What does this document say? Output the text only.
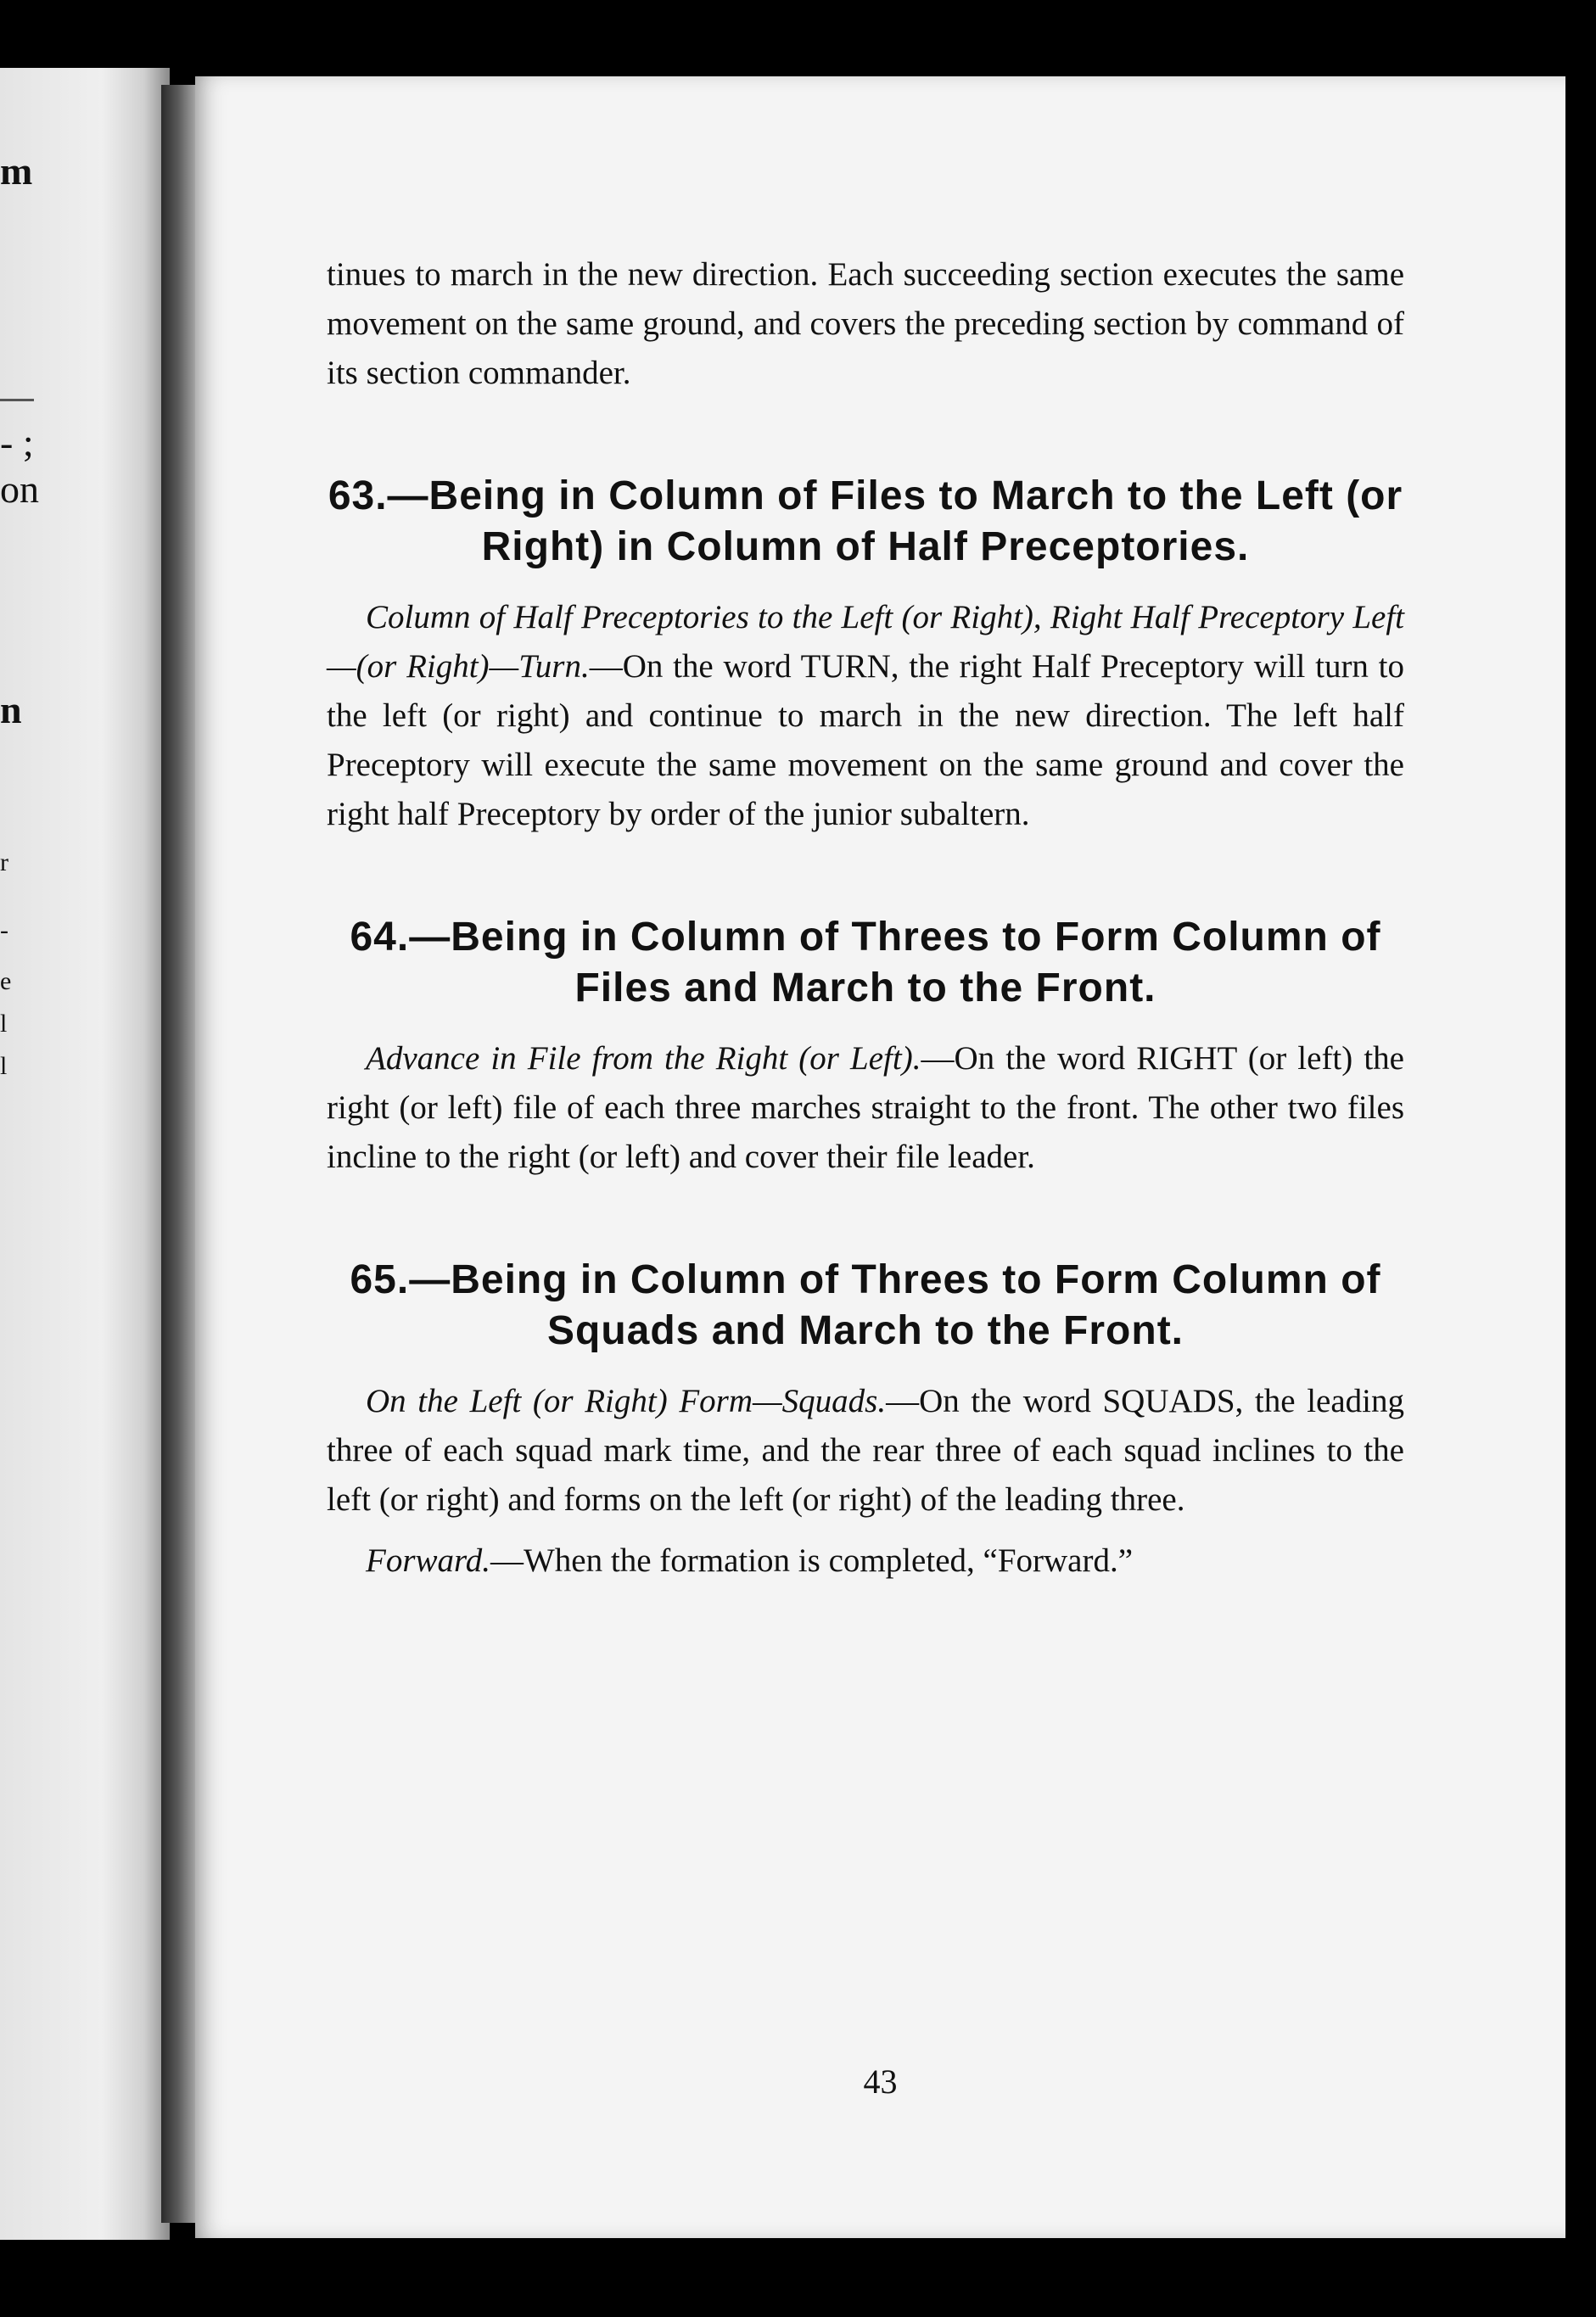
m
- ;
on
n
r
-
e
l
l

tinues to march in the new direction. Each succeeding section executes the same movement on the same ground, and covers the preceding section by command of its section commander.

63.—Being in Column of Files to March to the Left (or Right) in Column of Half Preceptories.

Column of Half Preceptories to the Left (or Right), Right Half Preceptory Left—(or Right)—Turn.—On the word TURN, the right Half Preceptory will turn to the left (or right) and continue to march in the new direction. The left half Preceptory will execute the same movement on the same ground and cover the right half Preceptory by order of the junior subaltern.

64.—Being in Column of Threes to Form Column of Files and March to the Front.

Advance in File from the Right (or Left).—On the word RIGHT (or left) the right (or left) file of each three marches straight to the front. The other two files incline to the right (or left) and cover their file leader.

65.—Being in Column of Threes to Form Column of Squads and March to the Front.

On the Left (or Right) Form—Squads.—On the word SQUADS, the leading three of each squad mark time, and the rear three of each squad inclines to the left (or right) and forms on the left (or right) of the leading three.

Forward.—When the formation is completed, “Forward.”

43
